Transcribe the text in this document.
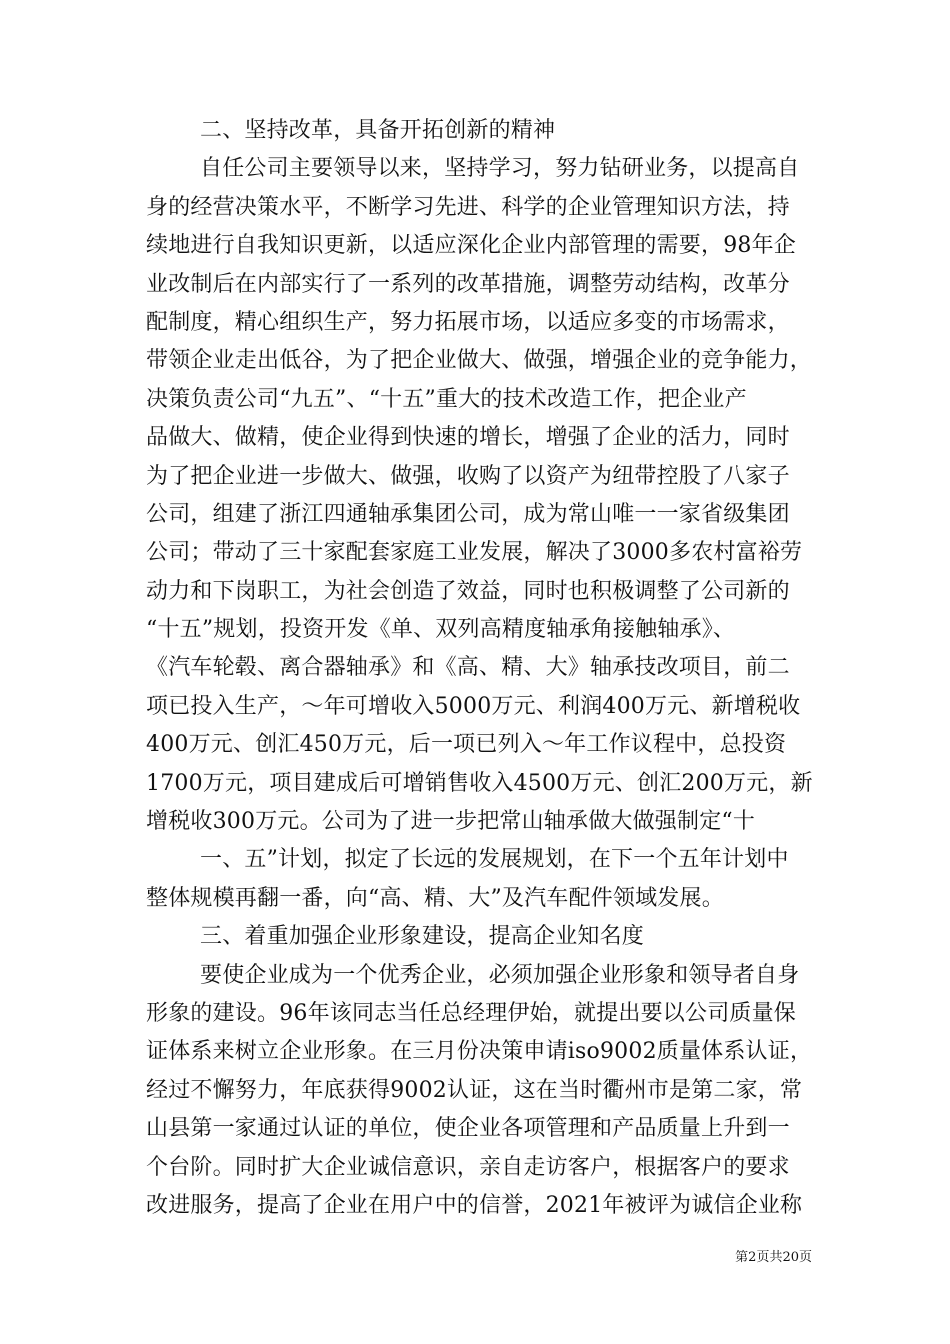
二、坚持改革，具备开拓创新的精神
自任公司主要领导以来，坚持学习，努力钻研业务，以提高自
身的经营决策水平，不断学习先进、科学的企业管理知识方法，持
续地进行自我知识更新，以适应深化企业内部管理的需要，98年企
业改制后在内部实行了一系列的改革措施，调整劳动结构，改革分
配制度，精心组织生产，努力拓展市场，以适应多变的市场需求，
带领企业走出低谷，为了把企业做大、做强，增强企业的竞争能力，
决策负责公司“九五”、“十五”重大的技术改造工作，把企业产
品做大、做精，使企业得到快速的增长，增强了企业的活力，同时
为了把企业进一步做大、做强，收购了以资产为纽带控股了八家子
公司，组建了浙江四通轴承集团公司，成为常山唯一一家省级集团
公司；带动了三十家配套家庭工业发展，解决了3000多农村富裕劳
动力和下岗职工，为社会创造了效益，同时也积极调整了公司新的
“十五”规划，投资开发《单、双列高精度轴承角接触轴承》、
《汽车轮毂、离合器轴承》和《高、精、大》轴承技改项目，前二
项已投入生产，～年可增收入5000万元、利润400万元、新增税收
400万元、创汇450万元，后一项已列入～年工作议程中，总投资
1700万元，项目建成后可增销售收入4500万元、创汇200万元，新
增税收300万元。公司为了进一步把常山轴承做大做强制定“十
一、五”计划，拟定了长远的发展规划，在下一个五年计划中
整体规模再翻一番，向“高、精、大”及汽车配件领域发展。
三、着重加强企业形象建设，提高企业知名度
要使企业成为一个优秀企业，必须加强企业形象和领导者自身
形象的建设。96年该同志当任总经理伊始，就提出要以公司质量保
证体系来树立企业形象。在三月份决策申请iso9002质量体系认证，
经过不懈努力，年底获得9002认证，这在当时衢州市是第二家，常
山县第一家通过认证的单位，使企业各项管理和产品质量上升到一
个台阶。同时扩大企业诚信意识，亲自走访客户，根据客户的要求
改进服务，提高了企业在用户中的信誉，2021年被评为诚信企业称
第2页共20页
